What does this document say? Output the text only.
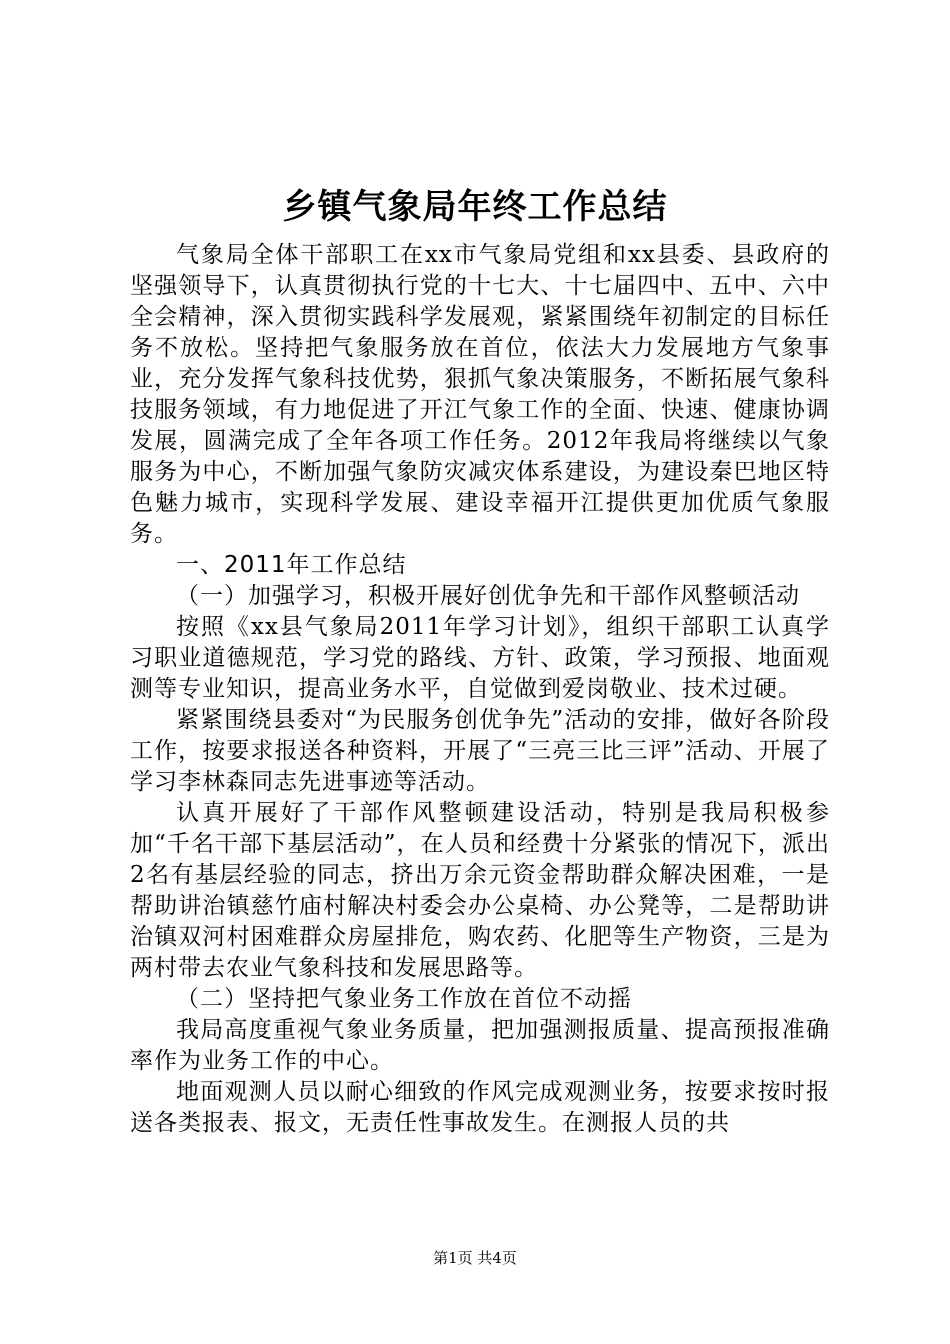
乡镇气象局年终工作总结

气象局全体干部职工在xx市气象局党组和xx县委、县政府的坚强领导下，认真贯彻执行党的十七大、十七届四中、五中、六中全会精神，深入贯彻实践科学发展观，紧紧围绕年初制定的目标任务不放松。坚持把气象服务放在首位，依法大力发展地方气象事业，充分发挥气象科技优势，狠抓气象决策服务，不断拓展气象科技服务领域，有力地促进了开江气象工作的全面、快速、健康协调发展，圆满完成了全年各项工作任务。2012年我局将继续以气象服务为中心，不断加强气象防灾减灾体系建设，为建设秦巴地区特色魅力城市，实现科学发展、建设幸福开江提供更加优质气象服务。

一、2011年工作总结

（一）加强学习，积极开展好创优争先和干部作风整顿活动

按照《xx县气象局2011年学习计划》，组织干部职工认真学习职业道德规范，学习党的路线、方针、政策，学习预报、地面观测等专业知识，提高业务水平，自觉做到爱岗敬业、技术过硬。

紧紧围绕县委对“为民服务创优争先”活动的安排，做好各阶段工作，按要求报送各种资料，开展了“三亮三比三评”活动、开展了学习李林森同志先进事迹等活动。

认真开展好了干部作风整顿建设活动，特别是我局积极参加“千名干部下基层活动”，在人员和经费十分紧张的情况下，派出2名有基层经验的同志，挤出万余元资金帮助群众解决困难，一是帮助讲治镇慈竹庙村解决村委会办公桌椅、办公凳等，二是帮助讲治镇双河村困难群众房屋排危，购农药、化肥等生产物资，三是为两村带去农业气象科技和发展思路等。

（二）坚持把气象业务工作放在首位不动摇

我局高度重视气象业务质量，把加强测报质量、提高预报准确率作为业务工作的中心。

地面观测人员以耐心细致的作风完成观测业务，按要求按时报送各类报表、报文，无责任性事故发生。在测报人员的共

第1页 共4页
